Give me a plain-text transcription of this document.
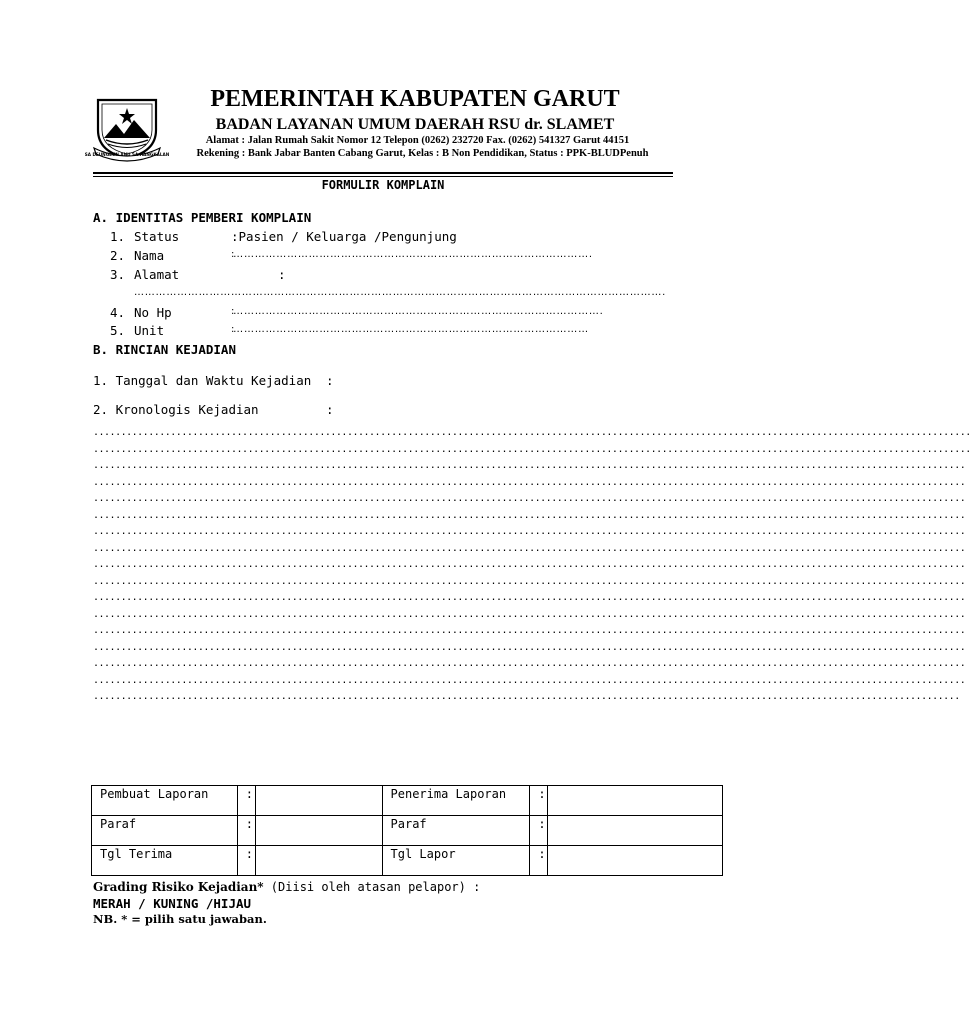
SA DEUNGEUN ANU SA HANGKALAN
PEMERINTAH KABUPATEN GARUT
BADAN LAYANAN UMUM DAERAH RSU dr. SLAMET
Alamat : Jalan Rumah Sakit Nomor 12 Telepon (0262) 232720 Fax. (0262) 541327 Garut 44151
Rekening : Bank Jabar Banten Cabang Garut, Kelas : B Non Pendidikan, Status : PPK-BLUDPenuh
FORMULIR KOMPLAIN
A. IDENTITAS PEMBERI KOMPLAIN
1. Status	:Pasien / Keluarga /Pengunjung
2. Nama	:… … … … … … … … … … … … … … … … … … … … … … … … … … … … … … … … … .
3. Alamat	:
… … … … … … … … … … … … … … … … … … … … … … … … … … … … … … … … … … … … … … … … … … … … … … … … … .
4. No Hp	:… … … … … … … … … … … … … … … … … … … … … … … … … … … … … … … … … … .
5. Unit	:… … … … … … … … … … … … … … … … … … … … … … … … … … … … … … … … …
B. RINCIAN KEJADIAN
1. Tanggal dan Waktu Kejadian :
2. Kronologis Kejadian	:
...............................................................................................................................................................
...............................................................................................................................................................
..............................................................................................................................................................
..............................................................................................................................................................
..............................................................................................................................................................
..............................................................................................................................................................
..............................................................................................................................................................
..............................................................................................................................................................
..............................................................................................................................................................
..............................................................................................................................................................
..............................................................................................................................................................
..............................................................................................................................................................
..............................................................................................................................................................
..............................................................................................................................................................
..............................................................................................................................................................
..............................................................................................................................................................
.............................................................................................................................................................
Pembuat Laporan	:		Penerima Laporan	:	
Paraf	:		Paraf	:	
Tgl Terima	:		Tgl Lapor	:	
Grading Risiko Kejadian* (Diisi oleh atasan pelapor) :
MERAH / KUNING /HIJAU
NB. * = pilih satu jawaban.
